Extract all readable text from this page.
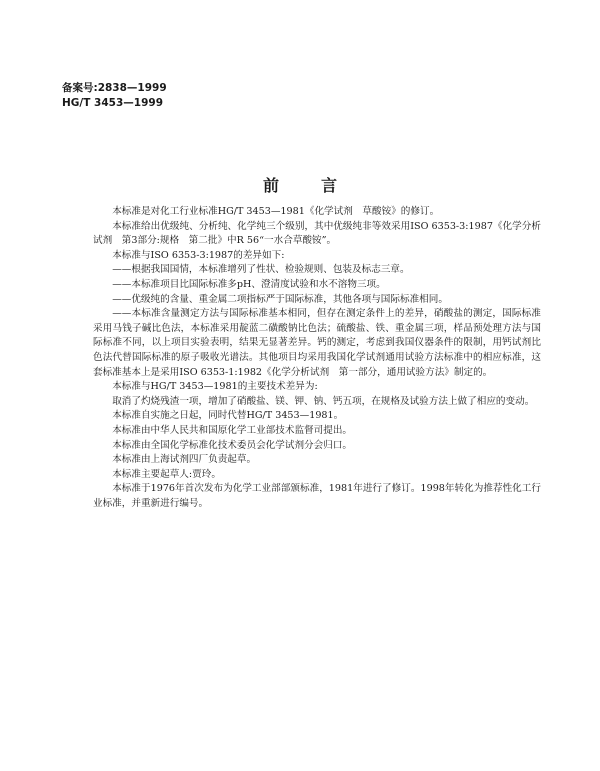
备案号:2838—1999
HG/T 3453—1999
前言

本标准是对化工行业标准HG/T 3453—1981《化学试剂　草酸铵》的修订。

本标准给出优级纯、分析纯、化学纯三个级别，其中优级纯非等效采用ISO 6353-3:1987《化学分析试剂　第3部分:规格　第二批》中R 56“一水合草酸铵”。

本标准与ISO 6353-3:1987的差异如下:

——根据我国国情，本标准增列了性状、检验规则、包装及标志三章。

——本标准项目比国际标准多pH、澄清度试验和水不溶物三项。

——优级纯的含量、重金属二项指标严于国际标准，其他各项与国际标准相同。

——本标准含量测定方法与国际标准基本相同，但存在测定条件上的差异，硝酸盐的测定，国际标准采用马钱子碱比色法，本标准采用靛蓝二磺酸钠比色法；硫酸盐、铁、重金属三项，样品预处理方法与国际标准不同，以上项目实验表明，结果无显著差异。钙的测定，考虑到我国仪器条件的限制，用钙试剂比色法代替国际标准的原子吸收光谱法。其他项目均采用我国化学试剂通用试验方法标准中的相应标准，这套标准基本上是采用ISO 6353-1:1982《化学分析试剂　第一部分，通用试验方法》制定的。

本标准与HG/T 3453—1981的主要技术差异为:

取消了灼烧残渣一项，增加了硝酸盐、镁、钾、钠、钙五项，在规格及试验方法上做了相应的变动。

本标准自实施之日起，同时代替HG/T 3453—1981。

本标准由中华人民共和国原化学工业部技术监督司提出。

本标准由全国化学标准化技术委员会化学试剂分会归口。

本标准由上海试剂四厂负责起草。

本标准主要起草人:贾玲。

本标准于1976年首次发布为化学工业部部颁标准，1981年进行了修订。1998年转化为推荐性化工行业标准，并重新进行编号。
